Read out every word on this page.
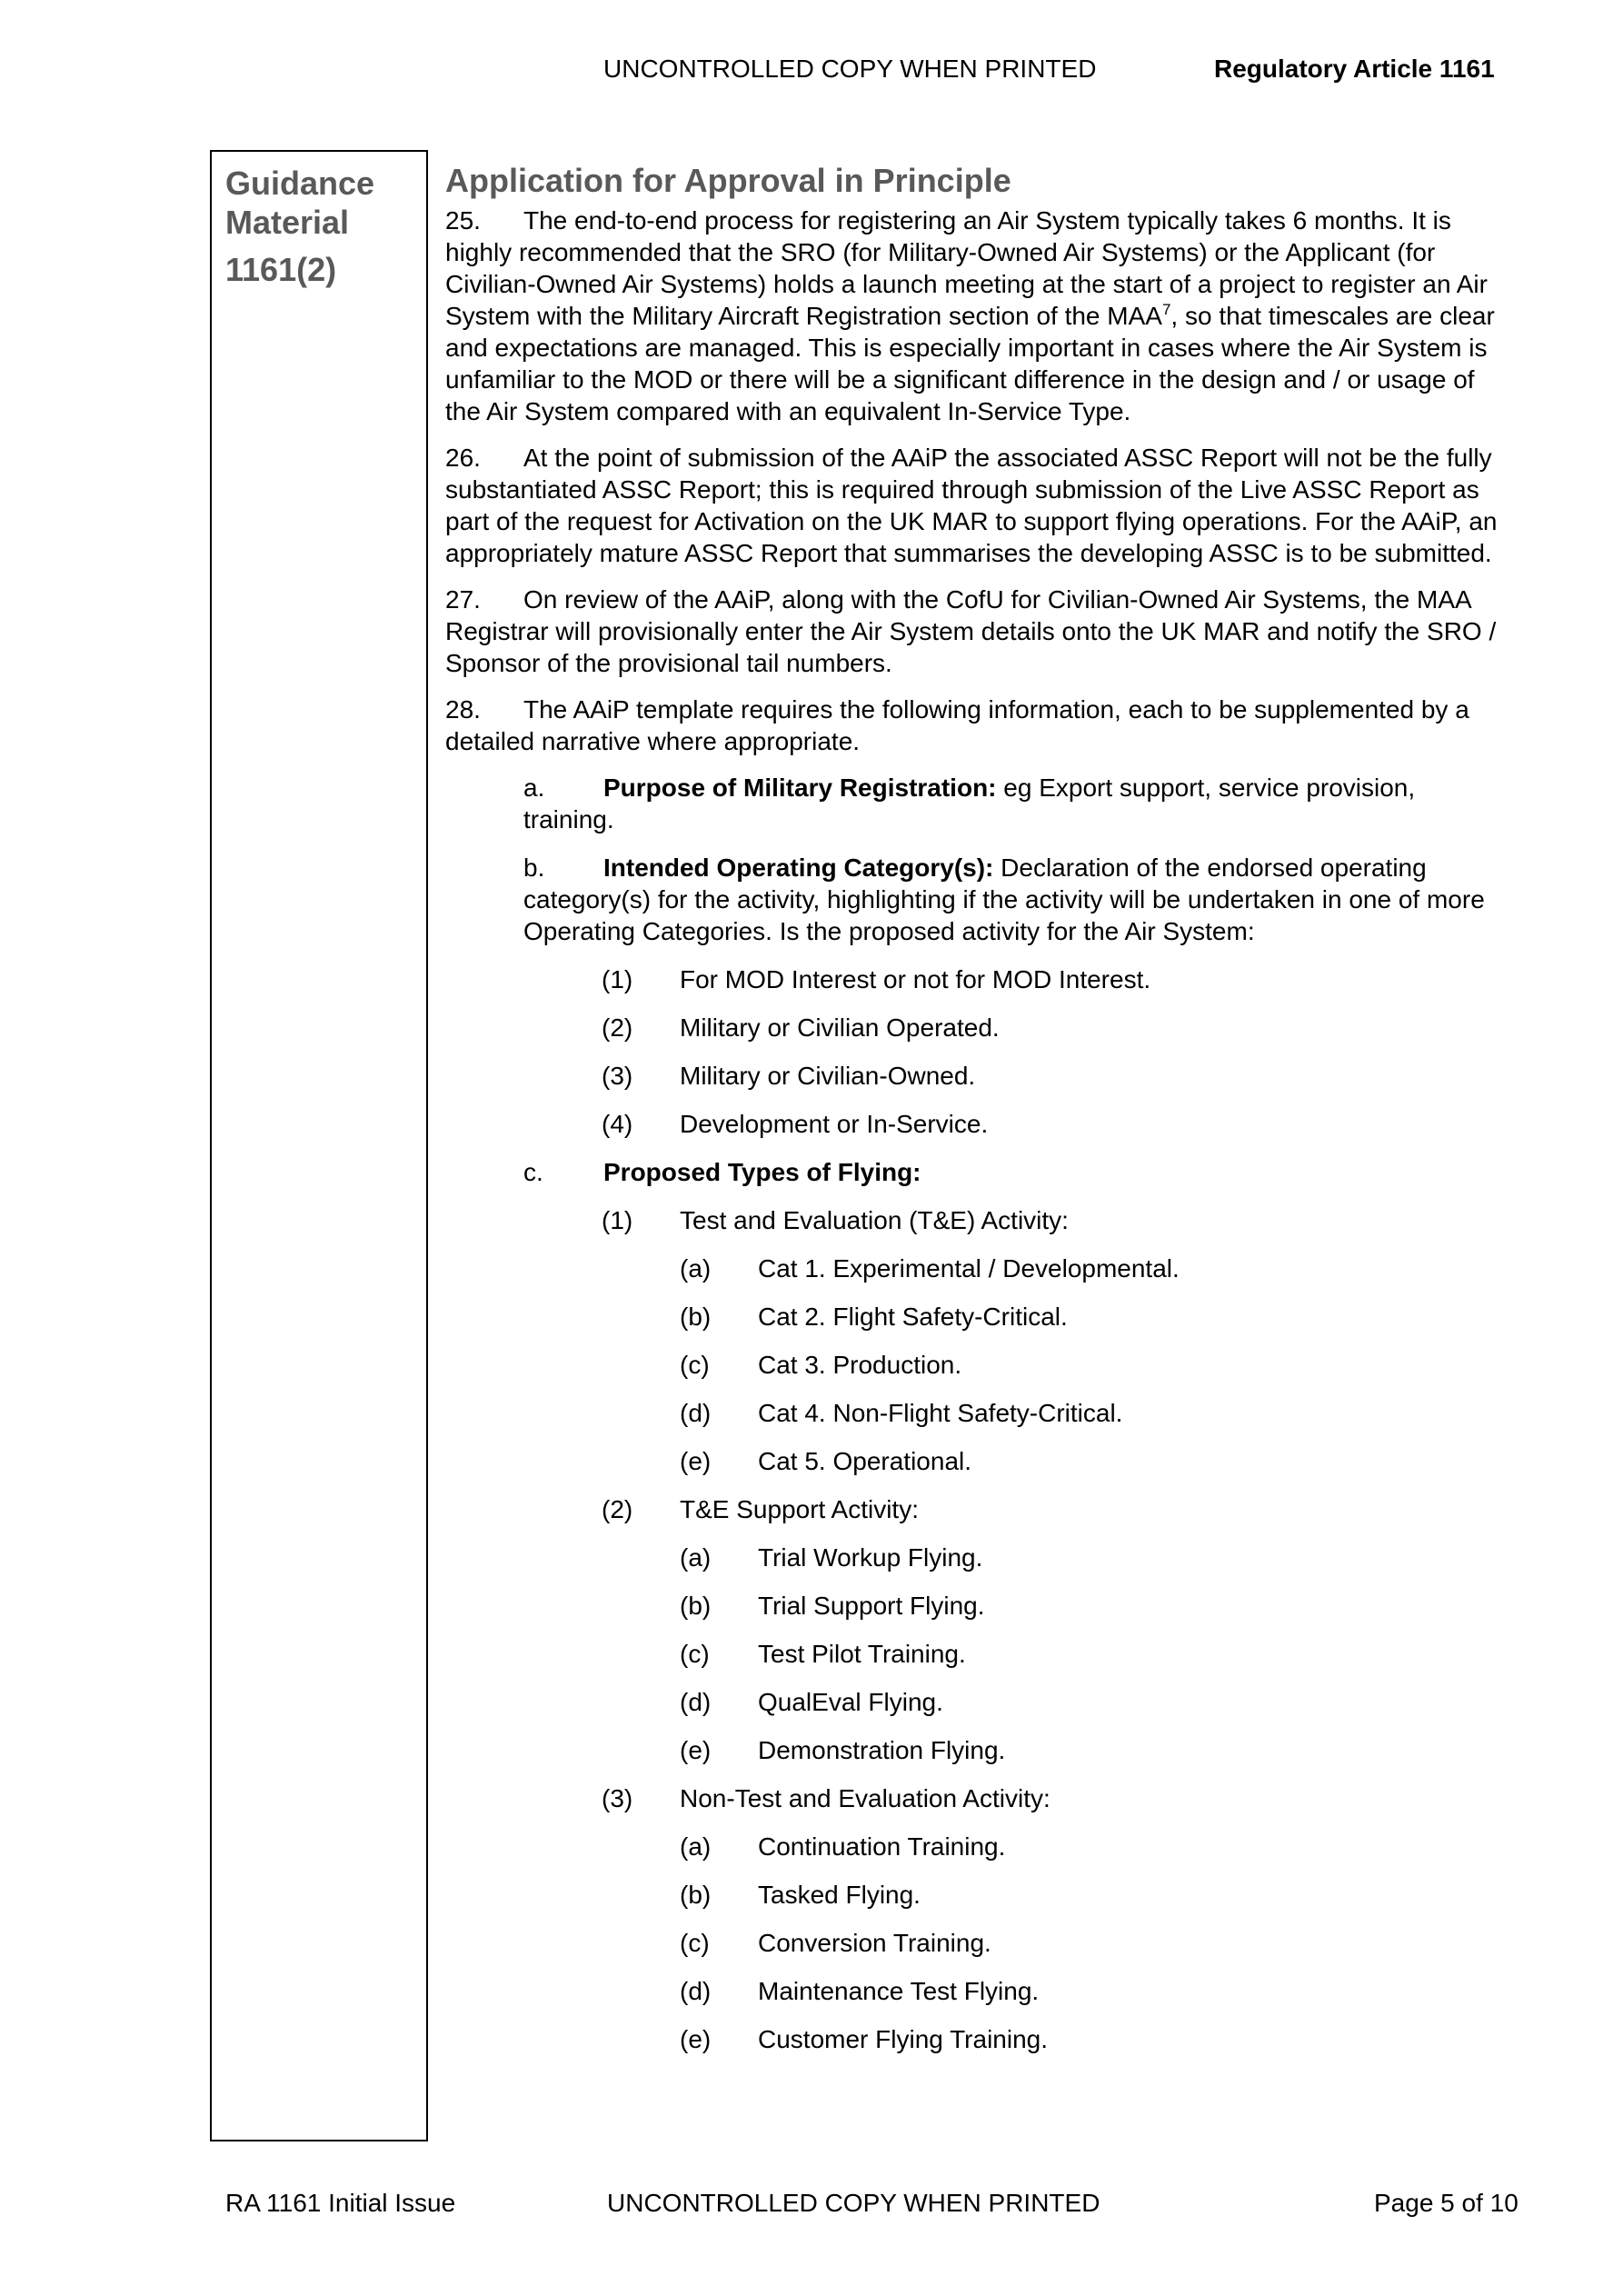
UNCONTROLLED COPY WHEN PRINTED	Regulatory Article 1161
Guidance Material
1161(2)
Application for Approval in Principle

25. The end-to-end process for registering an Air System typically takes 6 months. It is highly recommended that the SRO (for Military-Owned Air Systems) or the Applicant (for Civilian-Owned Air Systems) holds a launch meeting at the start of a project to register an Air System with the Military Aircraft Registration section of the MAA$^7$, so that timescales are clear and expectations are managed. This is especially important in cases where the Air System is unfamiliar to the MOD or there will be a significant difference in the design and / or usage of the Air System compared with an equivalent In-Service Type.

26. At the point of submission of the AAiP the associated ASSC Report will not be the fully substantiated ASSC Report; this is required through submission of the Live ASSC Report as part of the request for Activation on the UK MAR to support flying operations. For the AAiP, an appropriately mature ASSC Report that summarises the developing ASSC is to be submitted.

27. On review of the AAiP, along with the CofU for Civilian-Owned Air Systems, the MAA Registrar will provisionally enter the Air System details onto the UK MAR and notify the SRO / Sponsor of the provisional tail numbers.

28. The AAiP template requires the following information, each to be supplemented by a detailed narrative where appropriate.

a. Purpose of Military Registration: eg Export support, service provision, training.
b. Intended Operating Category(s): Declaration of the endorsed operating category(s) for the activity, highlighting if the activity will be undertaken in one of more Operating Categories. Is the proposed activity for the Air System:
(1)	For MOD Interest or not for MOD Interest.
(2)	Military or Civilian Operated.
(3)	Military or Civilian-Owned.
(4)	Development or In-Service.
c. Proposed Types of Flying:
(1)	Test and Evaluation (T&E) Activity:
(a)	Cat 1. Experimental / Developmental.
(b)	Cat 2. Flight Safety-Critical.
(c)	Cat 3. Production.
(d)	Cat 4. Non-Flight Safety-Critical.
(e)	Cat 5. Operational.
(2)	T&E Support Activity:
(a)	Trial Workup Flying.
(b)	Trial Support Flying.
(c)	Test Pilot Training.
(d)	QualEval Flying.
(e)	Demonstration Flying.
(3)	Non-Test and Evaluation Activity:
(a)	Continuation Training.
(b)	Tasked Flying.
(c)	Conversion Training.
(d)	Maintenance Test Flying.
(e)	Customer Flying Training.
RA 1161 Initial Issue	UNCONTROLLED COPY WHEN PRINTED	Page 5 of 10
